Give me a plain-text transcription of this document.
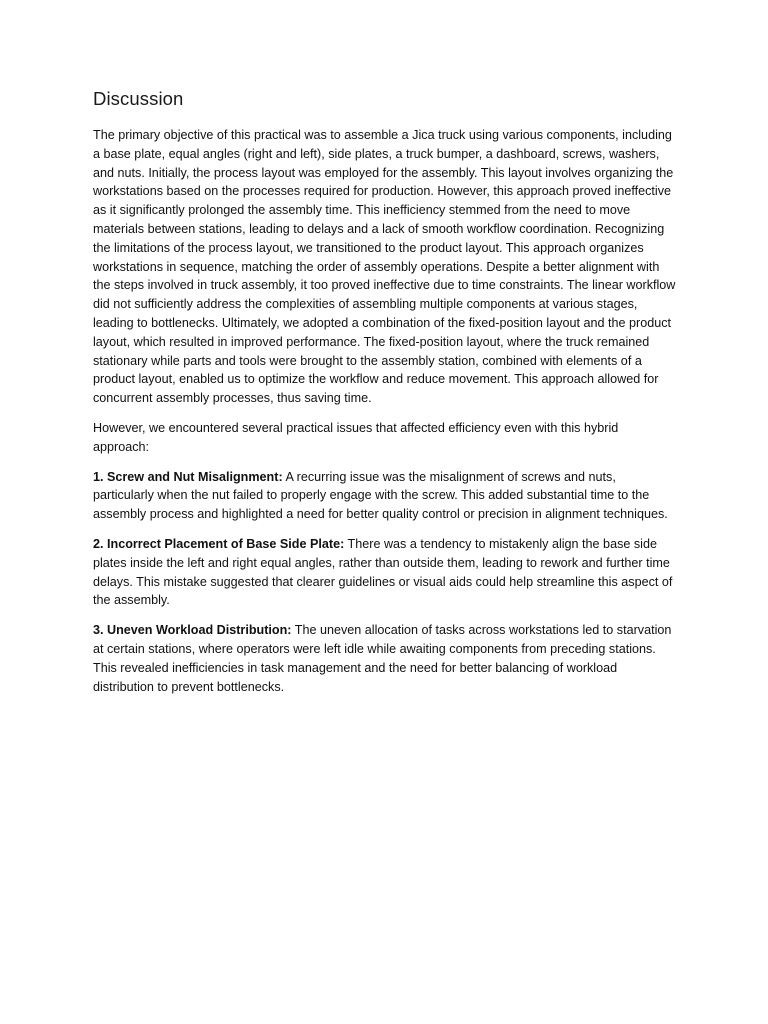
Discussion

The primary objective of this practical was to assemble a Jica truck using various components, including a base plate, equal angles (right and left), side plates, a truck bumper, a dashboard, screws, washers, and nuts. Initially, the process layout was employed for the assembly. This layout involves organizing the workstations based on the processes required for production. However, this approach proved ineffective as it significantly prolonged the assembly time. This inefficiency stemmed from the need to move materials between stations, leading to delays and a lack of smooth workflow coordination. Recognizing the limitations of the process layout, we transitioned to the product layout. This approach organizes workstations in sequence, matching the order of assembly operations. Despite a better alignment with the steps involved in truck assembly, it too proved ineffective due to time constraints. The linear workflow did not sufficiently address the complexities of assembling multiple components at various stages, leading to bottlenecks. Ultimately, we adopted a combination of the fixed-position layout and the product layout, which resulted in improved performance. The fixed-position layout, where the truck remained stationary while parts and tools were brought to the assembly station, combined with elements of a product layout, enabled us to optimize the workflow and reduce movement. This approach allowed for concurrent assembly processes, thus saving time.

However, we encountered several practical issues that affected efficiency even with this hybrid approach:

1. Screw and Nut Misalignment: A recurring issue was the misalignment of screws and nuts, particularly when the nut failed to properly engage with the screw. This added substantial time to the assembly process and highlighted a need for better quality control or precision in alignment techniques.

2. Incorrect Placement of Base Side Plate: There was a tendency to mistakenly align the base side plates inside the left and right equal angles, rather than outside them, leading to rework and further time delays. This mistake suggested that clearer guidelines or visual aids could help streamline this aspect of the assembly.

3. Uneven Workload Distribution: The uneven allocation of tasks across workstations led to starvation at certain stations, where operators were left idle while awaiting components from preceding stations. This revealed inefficiencies in task management and the need for better balancing of workload distribution to prevent bottlenecks.
